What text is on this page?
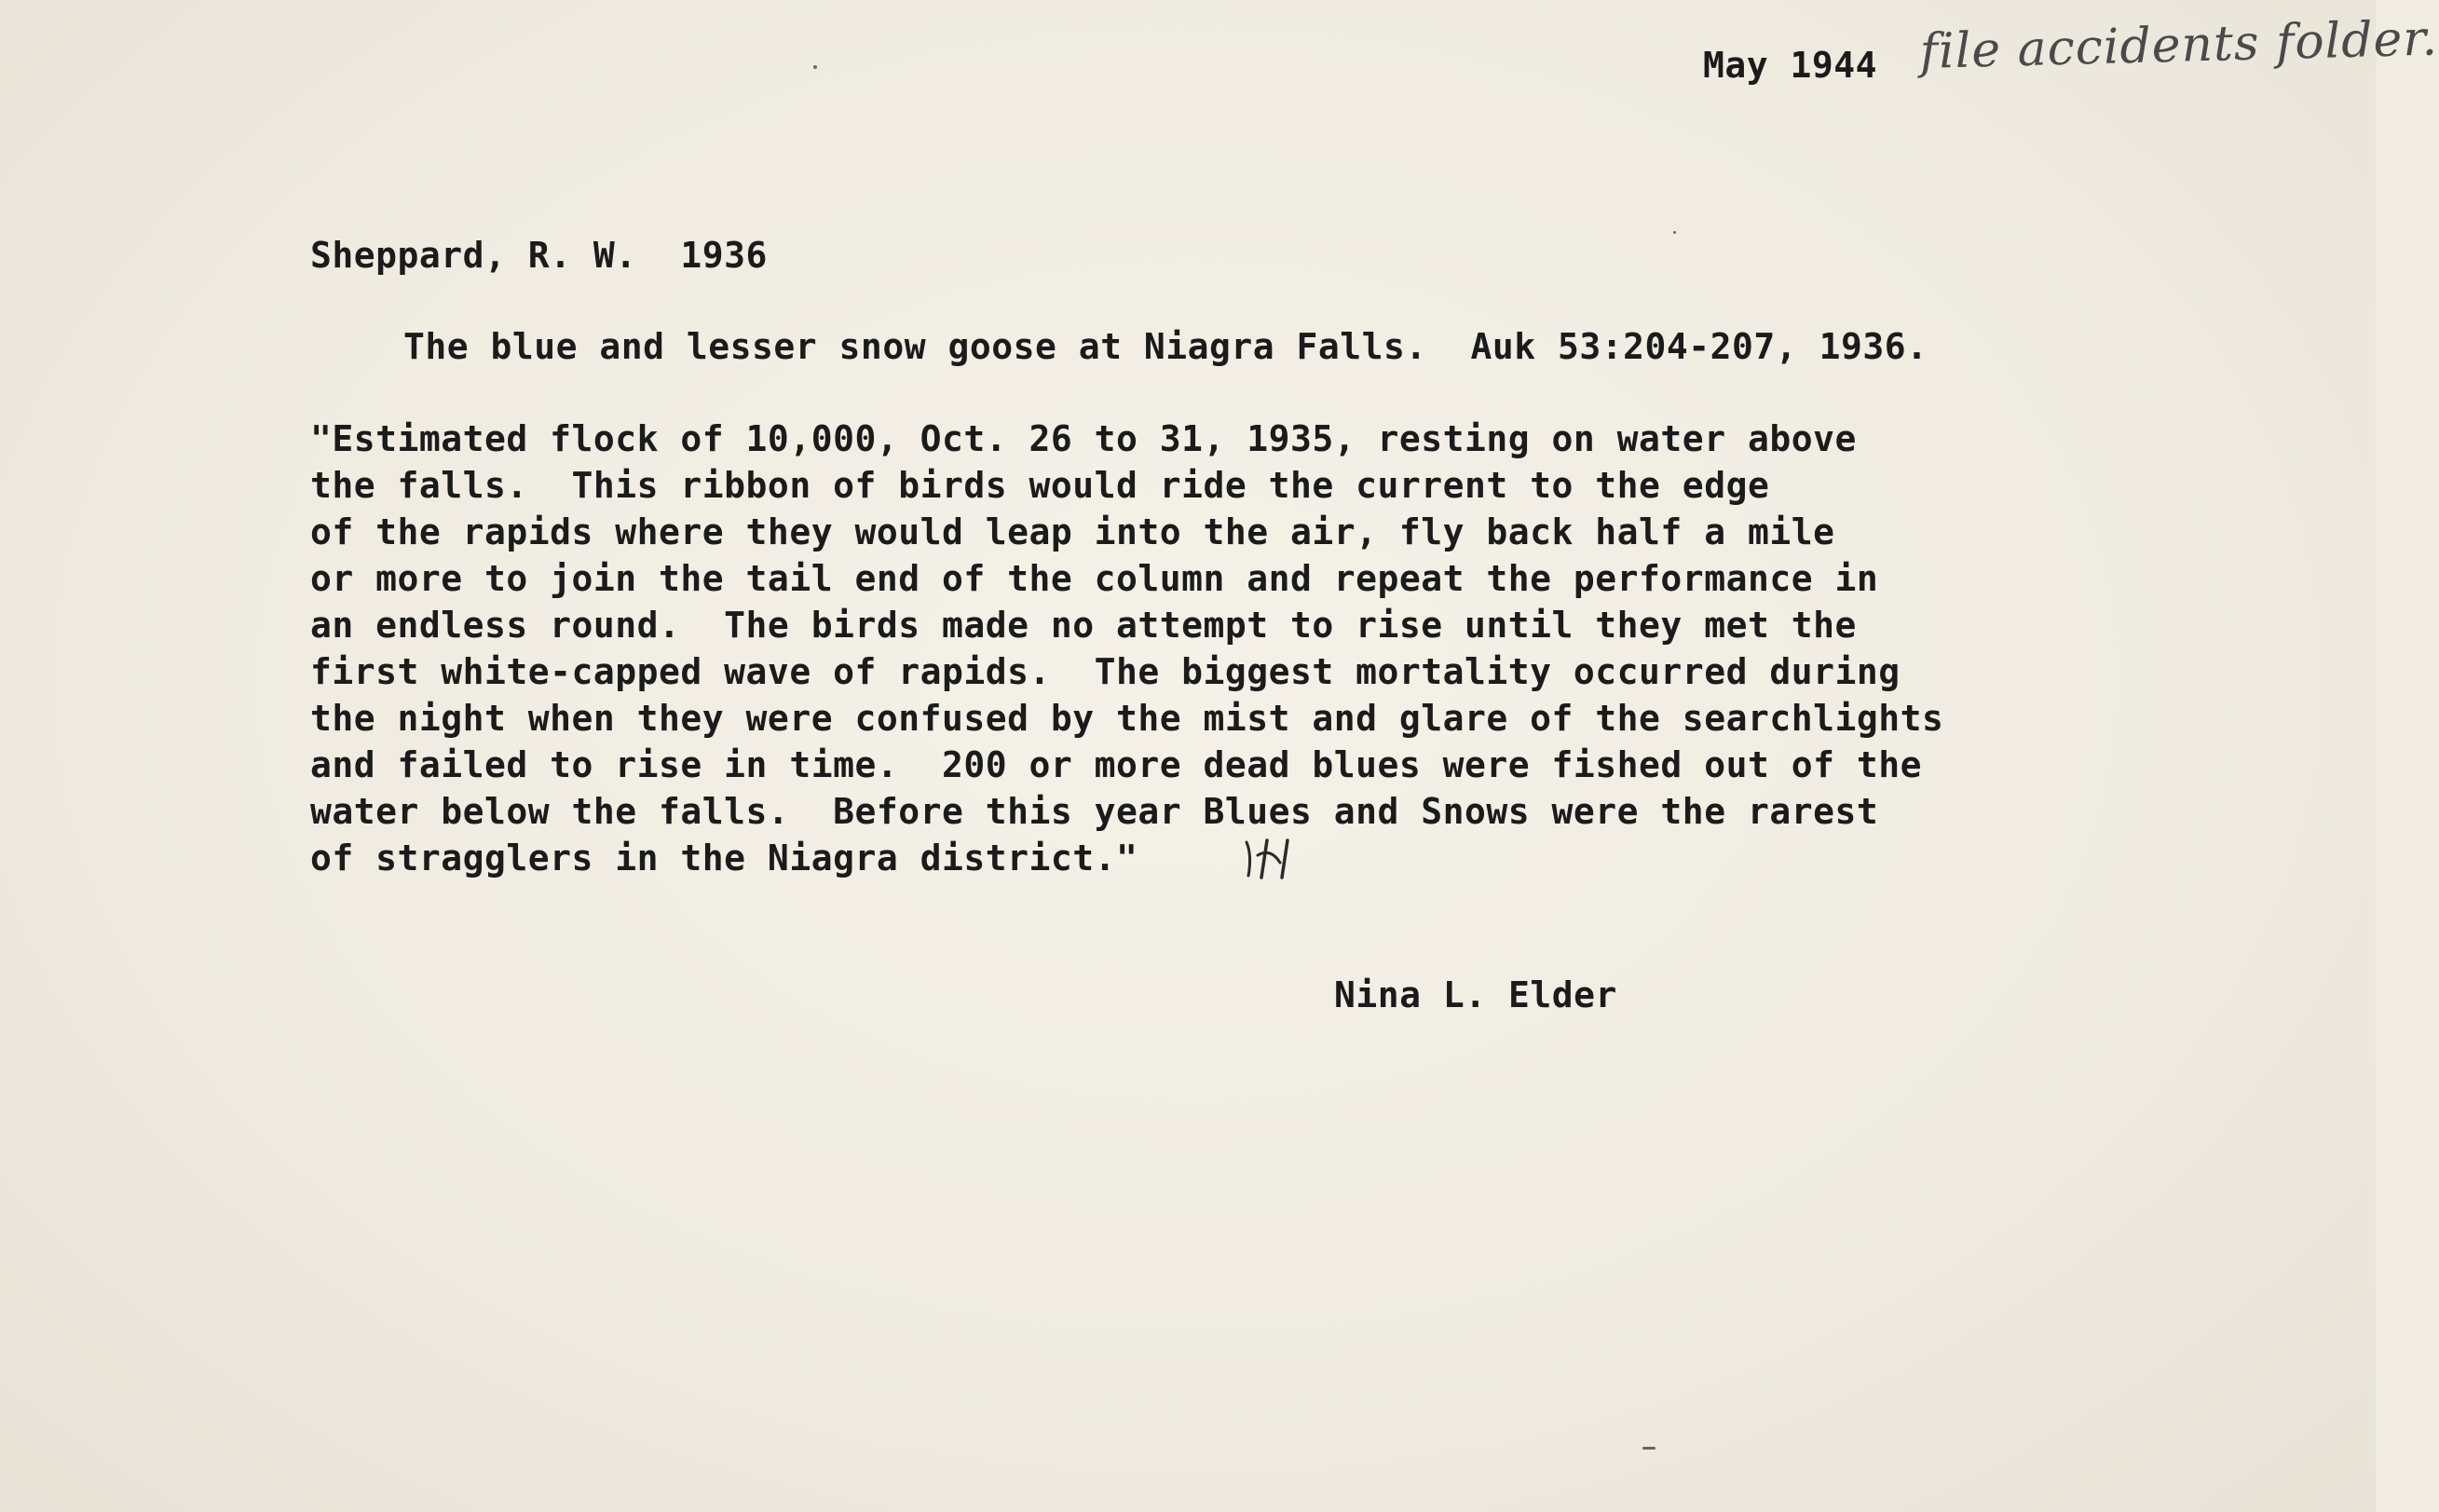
May 1944 file accidents folder.
Sheppard, R. W.  1936
The blue and lesser snow goose at Niagra Falls.  Auk 53:204-207, 1936.
"Estimated flock of 10,000, Oct. 26 to 31, 1935, resting on water above
the falls.  This ribbon of birds would ride the current to the edge
of the rapids where they would leap into the air, fly back half a mile
or more to join the tail end of the column and repeat the performance in
an endless round.  The birds made no attempt to rise until they met the
first white-capped wave of rapids.  The biggest mortality occurred during
the night when they were confused by the mist and glare of the searchlights
and failed to rise in time.  200 or more dead blues were fished out of the
water below the falls.  Before this year Blues and Snows were the rarest
of stragglers in the Niagra district."
Nina L. Elder
